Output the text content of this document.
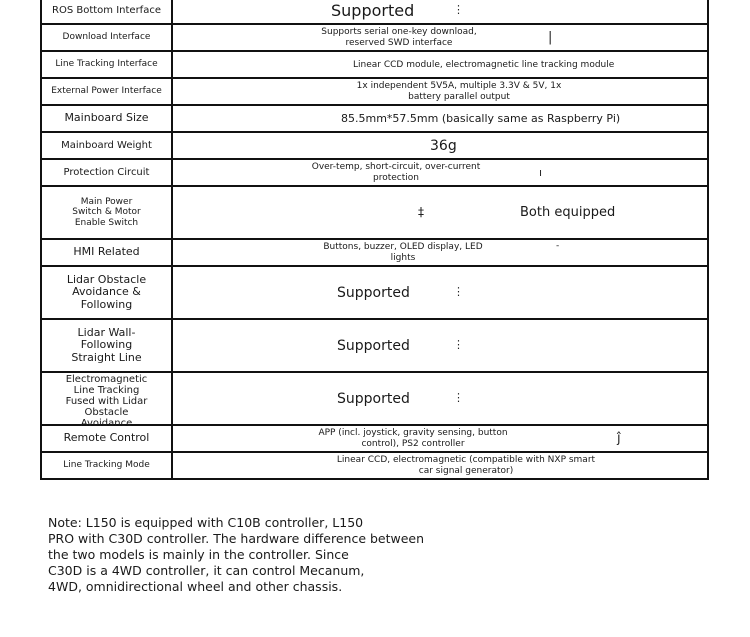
ROS Bottom Interface	Supported ⋮

Download Interface	Supports serial one-key download, reserved SWD interface |

Line Tracking Interface	Linear CCD module, electromagnetic line tracking module

External Power Interface	1x independent 5V5A, multiple 3.3V & 5V, 1x battery parallel output

Mainboard Size	85.5mm*57.5mm (basically same as Raspberry Pi)

Mainboard Weight	36g

Protection Circuit	Over-temp, short-circuit, over-current protection ı

Main Power Switch & Motor Enable Switch	Both equipped
‡

HMI Related	Buttons, buzzer, OLED display, LED lights
-

Lidar Obstacle Avoidance & Following	Supported ⋮

Lidar Wall-Following Straight Line	Supported ⋮

Electromagnetic Line Tracking Fused with Lidar Obstacle Avoidance	Supported ⋮

Remote Control	APP (incl. joystick, gravity sensing, button control), PS2 controller ĵ

Line Tracking Mode	Linear CCD, electromagnetic (compatible with NXP smart car signal generator)
Note: L150 is equipped with C10B controller, L150
PRO with C30D controller. The hardware difference between
the two models is mainly in the controller. Since
C30D is a 4WD controller, it can control Mecanum,
4WD, omnidirectional wheel and other chassis.
